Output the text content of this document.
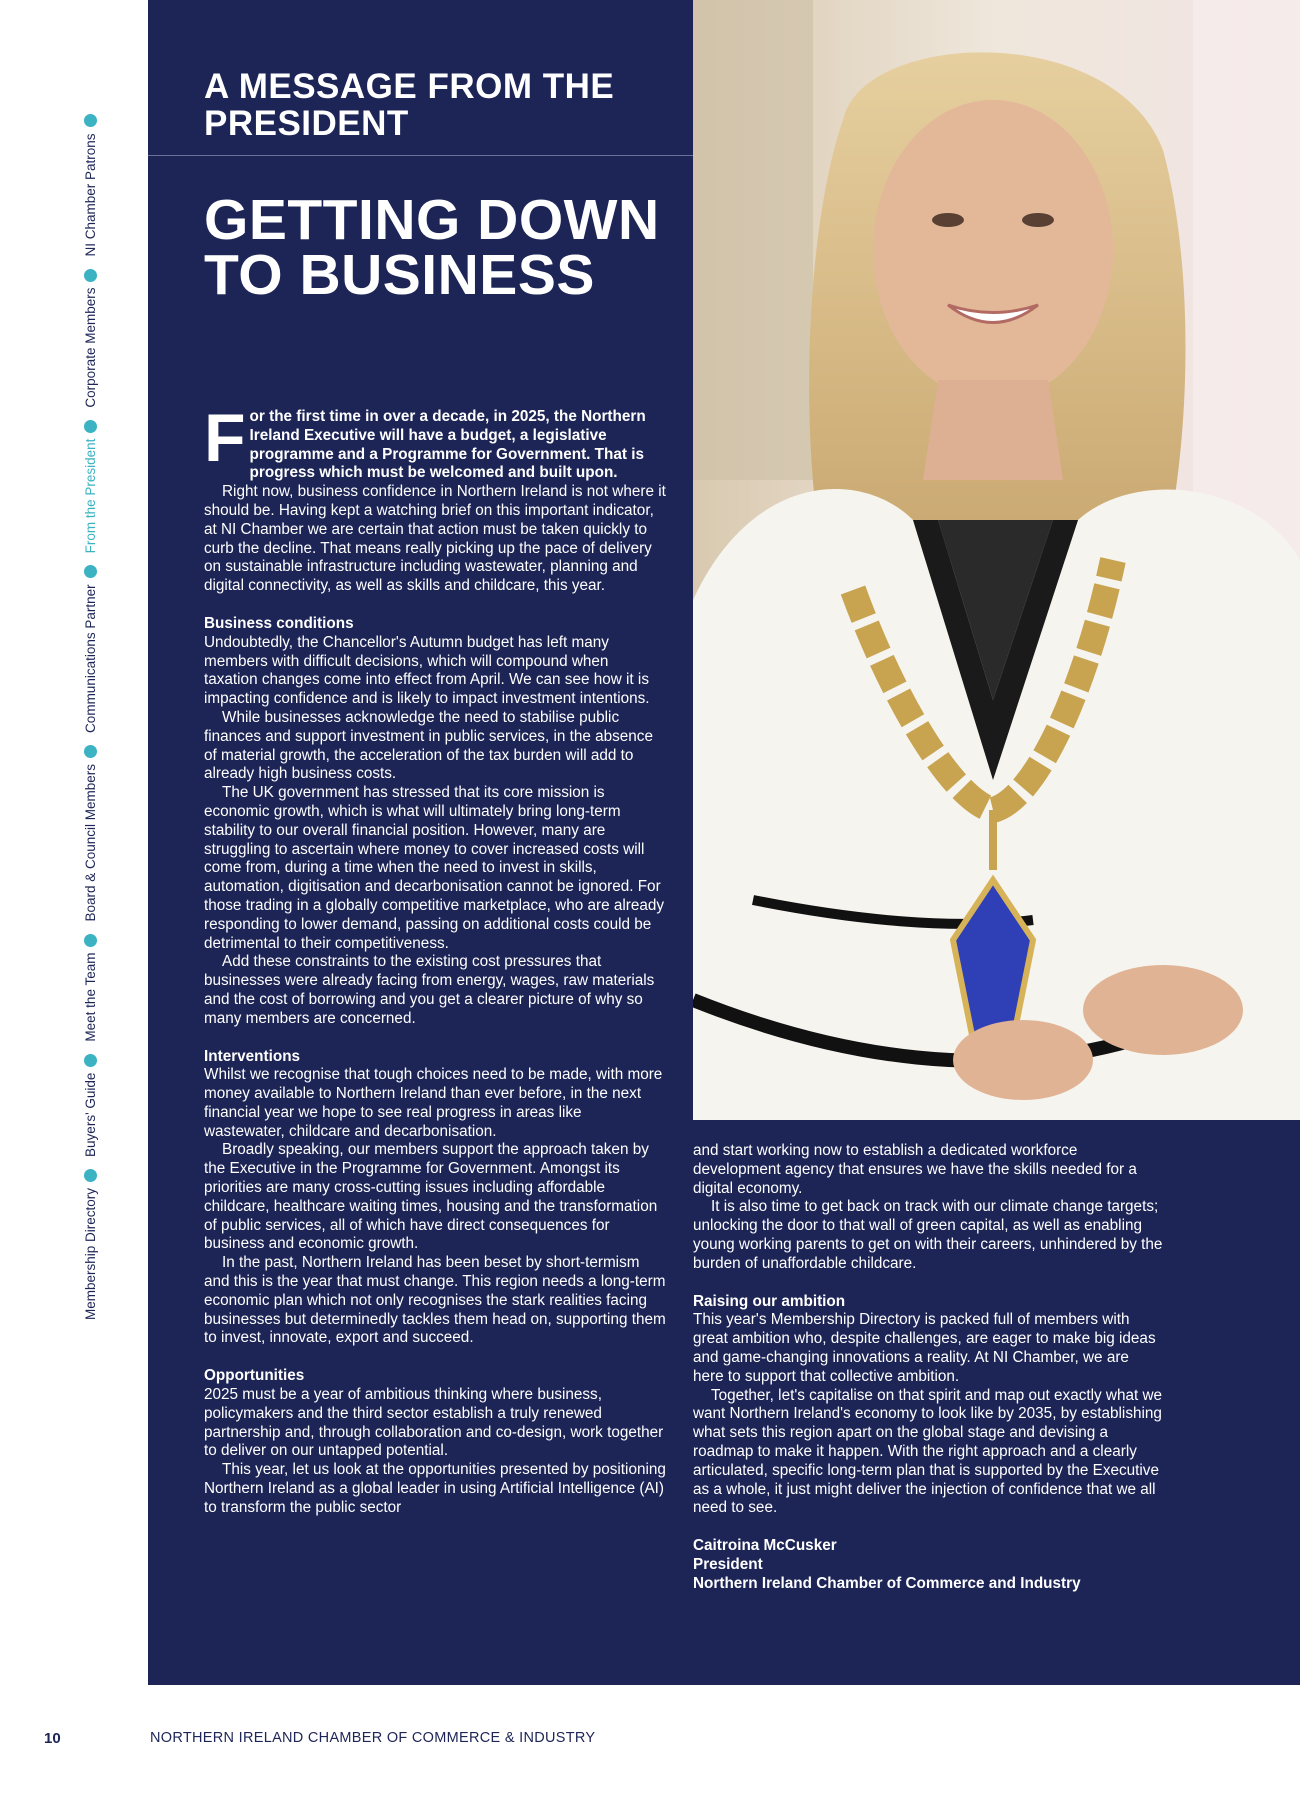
Membership Directory
Buyers' Guide
Meet the Team
Board & Council Members
Communications Partner
From the President
Corporate Members
NI Chamber Patrons
A MESSAGE FROM THE PRESIDENT
GETTING DOWN TO BUSINESS

For the first time in over a decade, in 2025, the Northern Ireland Executive will have a budget, a legislative programme and a Programme for Government. That is progress which must be welcomed and built upon.

Right now, business confidence in Northern Ireland is not where it should be. Having kept a watching brief on this important indicator, at NI Chamber we are certain that action must be taken quickly to curb the decline. That means really picking up the pace of delivery on sustainable infrastructure including wastewater, planning and digital connectivity, as well as skills and childcare, this year.

Business conditions

Undoubtedly, the Chancellor's Autumn budget has left many members with difficult decisions, which will compound when taxation changes come into effect from April. We can see how it is impacting confidence and is likely to impact investment intentions.

While businesses acknowledge the need to stabilise public finances and support investment in public services, in the absence of material growth, the acceleration of the tax burden will add to already high business costs.

The UK government has stressed that its core mission is economic growth, which is what will ultimately bring long-term stability to our overall financial position. However, many are struggling to ascertain where money to cover increased costs will come from, during a time when the need to invest in skills, automation, digitisation and decarbonisation cannot be ignored. For those trading in a globally competitive marketplace, who are already responding to lower demand, passing on additional costs could be detrimental to their competitiveness.

Add these constraints to the existing cost pressures that businesses were already facing from energy, wages, raw materials and the cost of borrowing and you get a clearer picture of why so many members are concerned.

Interventions

Whilst we recognise that tough choices need to be made, with more money available to Northern Ireland than ever before, in the next financial year we hope to see real progress in areas like wastewater, childcare and decarbonisation.

Broadly speaking, our members support the approach taken by the Executive in the Programme for Government. Amongst its priorities are many cross-cutting issues including affordable childcare, healthcare waiting times, housing and the transformation of public services, all of which have direct consequences for business and economic growth.

In the past, Northern Ireland has been beset by short-termism and this is the year that must change. This region needs a long-term economic plan which not only recognises the stark realities facing businesses but determinedly tackles them head on, supporting them to invest, innovate, export and succeed.

Opportunities

2025 must be a year of ambitious thinking where business, policymakers and the third sector establish a truly renewed partnership and, through collaboration and co-design, work together to deliver on our untapped potential.

This year, let us look at the opportunities presented by positioning Northern Ireland as a global leader in using Artificial Intelligence (AI) to transform the public sector

and start working now to establish a dedicated workforce development agency that ensures we have the skills needed for a digital economy.

It is also time to get back on track with our climate change targets; unlocking the door to that wall of green capital, as well as enabling young working parents to get on with their careers, unhindered by the burden of unaffordable childcare.

Raising our ambition

This year's Membership Directory is packed full of members with great ambition who, despite challenges, are eager to make big ideas and game-changing innovations a reality. At NI Chamber, we are here to support that collective ambition.

Together, let's capitalise on that spirit and map out exactly what we want Northern Ireland's economy to look like by 2035, by establishing what sets this region apart on the global stage and devising a roadmap to make it happen. With the right approach and a clearly articulated, specific long-term plan that is supported by the Executive as a whole, it just might deliver the injection of confidence that we all need to see.

Caitroina McCusker
President
Northern Ireland Chamber of Commerce and Industry
10	NORTHERN IRELAND CHAMBER OF COMMERCE & INDUSTRY
